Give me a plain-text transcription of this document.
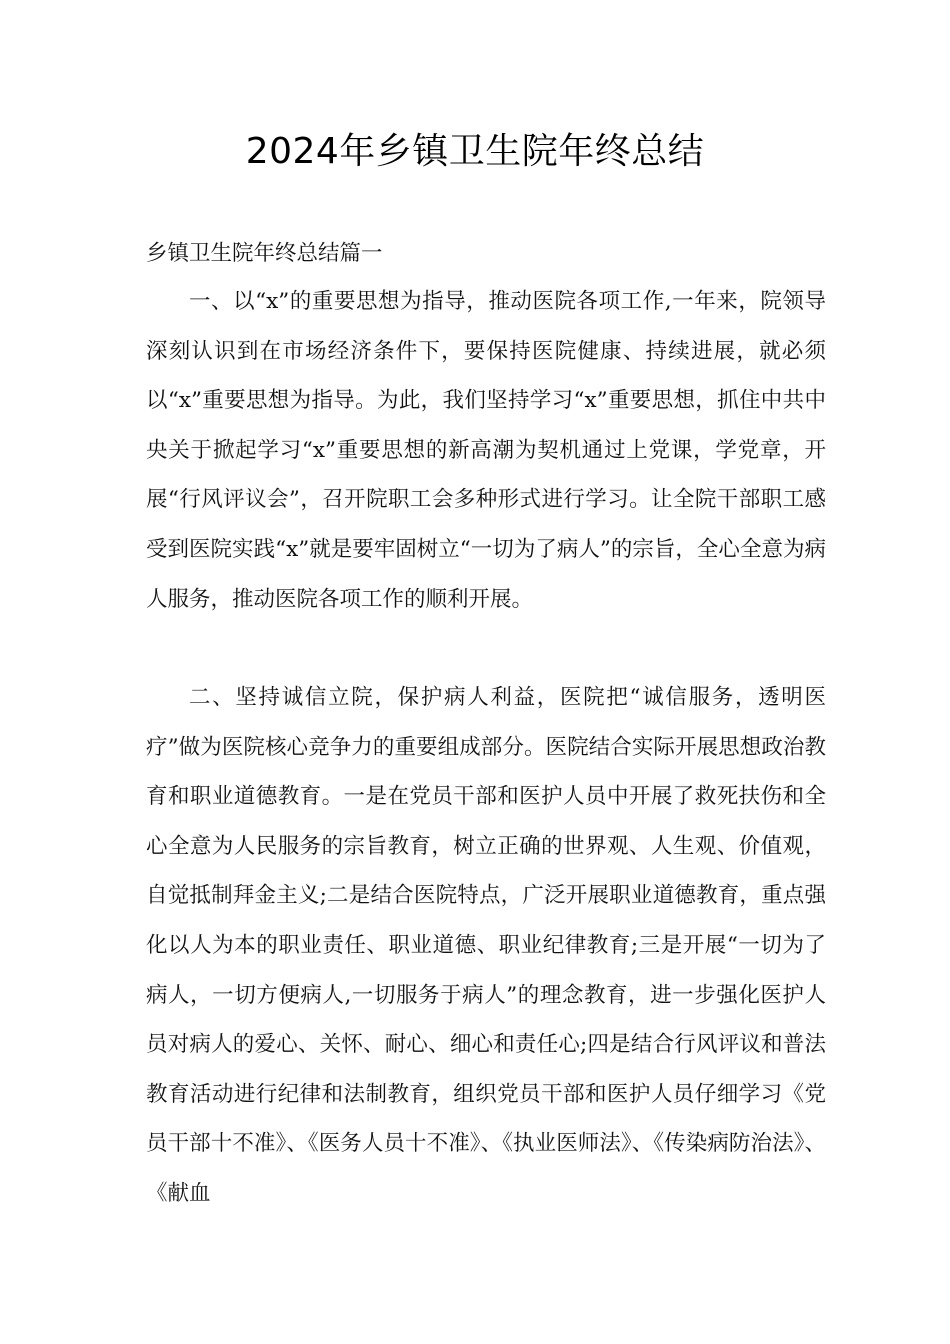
2024年乡镇卫生院年终总结
乡镇卫生院年终总结篇一

一、以“x”的重要思想为指导，推动医院各项工作,一年来，院领导深刻认识到在市场经济条件下，要保持医院健康、持续进展，就必须以“x”重要思想为指导。为此，我们坚持学习“x”重要思想，抓住中共中央关于掀起学习“x”重要思想的新高潮为契机通过上党课，学党章，开展“行风评议会”，召开院职工会多种形式进行学习。让全院干部职工感受到医院实践“x”就是要牢固树立“一切为了病人”的宗旨，全心全意为病人服务，推动医院各项工作的顺利开展。

二、坚持诚信立院，保护病人利益，医院把“诚信服务，透明医疗”做为医院核心竞争力的重要组成部分。医院结合实际开展思想政治教育和职业道德教育。一是在党员干部和医护人员中开展了救死扶伤和全心全意为人民服务的宗旨教育，树立正确的世界观、人生观、价值观，自觉抵制拜金主义;二是结合医院特点，广泛开展职业道德教育，重点强化以人为本的职业责任、职业道德、职业纪律教育;三是开展“一切为了病人，一切方便病人,一切服务于病人”的理念教育，进一步强化医护人员对病人的爱心、关怀、耐心、细心和责任心;四是结合行风评议和普法教育活动进行纪律和法制教育，组织党员干部和医护人员仔细学习《党员干部十不准》、《医务人员十不准》、《执业医师法》、《传染病防治法》、《献血
